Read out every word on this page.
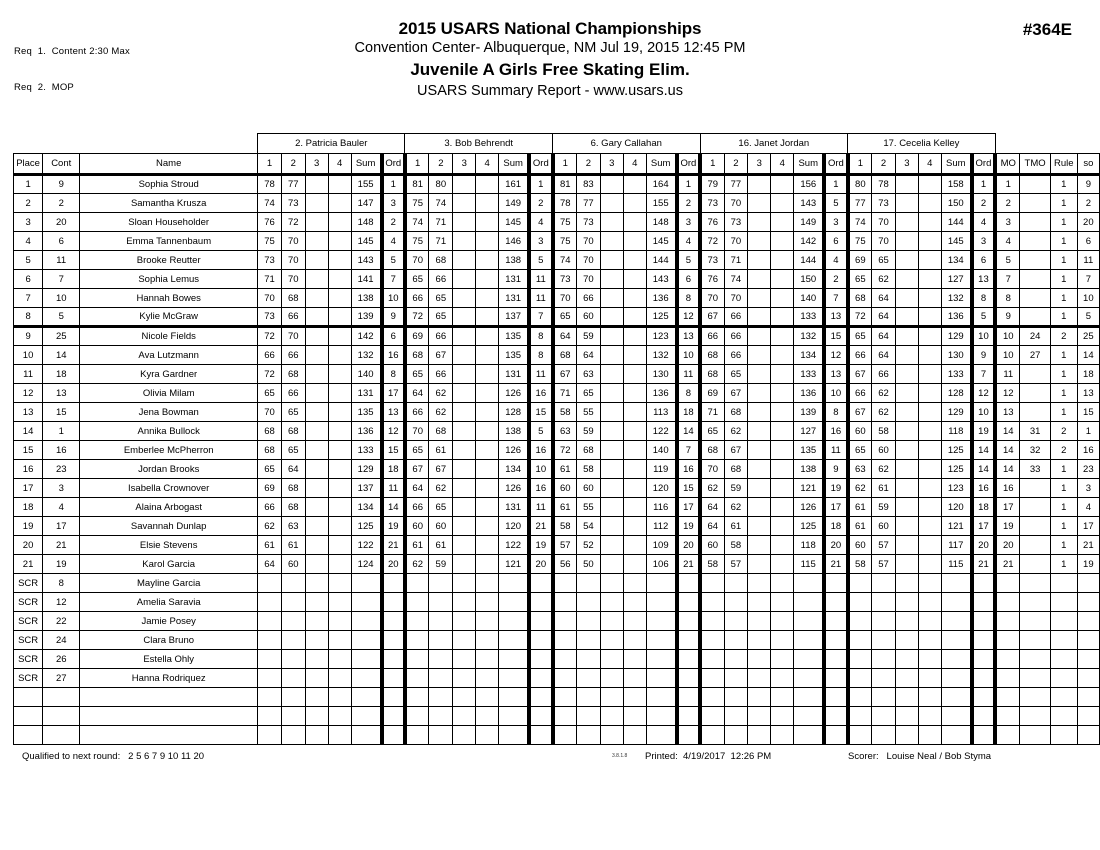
Req  1.  Content 2:30 Max

Req  2.  MOP

2015 USARS National Championships
Convention Center- Albuquerque, NM Jul 19, 2015 12:45 PM
Juvenile A Girls Free Skating Elim.
USARS Summary Report - www.usars.us
#364E
			2. Patricia Bauler						3. Bob Behrendt						6. Gary Callahan						16. Janet Jordan						17. Cecelia Kelley									
Place	Cont	Name	1	2	3	4	Sum	Ord	1	2	3	4	Sum	Ord	1	2	3	4	Sum	Ord	1	2	3	4	Sum	Ord	1	2	3	4	Sum	Ord	MO	TMO	Rule	so
1	9	Sophia Stroud	78	77			155	1	81	80			161	1	81	83			164	1	79	77			156	1	80	78			158	1	1		1	9
2	2	Samantha Krusza	74	73			147	3	75	74			149	2	78	77			155	2	73	70			143	5	77	73			150	2	2		1	2
3	20	Sloan Householder	76	72			148	2	74	71			145	4	75	73			148	3	76	73			149	3	74	70			144	4	3		1	20
4	6	Emma Tannenbaum	75	70			145	4	75	71			146	3	75	70			145	4	72	70			142	6	75	70			145	3	4		1	6
5	11	Brooke Reutter	73	70			143	5	70	68			138	5	74	70			144	5	73	71			144	4	69	65			134	6	5		1	11
6	7	Sophia Lemus	71	70			141	7	65	66			131	11	73	70			143	6	76	74			150	2	65	62			127	13	7		1	7
7	10	Hannah Bowes	70	68			138	10	66	65			131	11	70	66			136	8	70	70			140	7	68	64			132	8	8		1	10
8	5	Kylie McGraw	73	66			139	9	72	65			137	7	65	60			125	12	67	66			133	13	72	64			136	5	9		1	5
9	25	Nicole Fields	72	70			142	6	69	66			135	8	64	59			123	13	66	66			132	15	65	64			129	10	10	24	2	25
10	14	Ava Lutzmann	66	66			132	16	68	67			135	8	68	64			132	10	68	66			134	12	66	64			130	9	10	27	1	14
11	18	Kyra Gardner	72	68			140	8	65	66			131	11	67	63			130	11	68	65			133	13	67	66			133	7	11		1	18
12	13	Olivia Milam	65	66			131	17	64	62			126	16	71	65			136	8	69	67			136	10	66	62			128	12	12		1	13
13	15	Jena Bowman	70	65			135	13	66	62			128	15	58	55			113	18	71	68			139	8	67	62			129	10	13		1	15
14	1	Annika Bullock	68	68			136	12	70	68			138	5	63	59			122	14	65	62			127	16	60	58			118	19	14	31	2	1
15	16	Emberlee McPherron	68	65			133	15	65	61			126	16	72	68			140	7	68	67			135	11	65	60			125	14	14	32	2	16
16	23	Jordan Brooks	65	64			129	18	67	67			134	10	61	58			119	16	70	68			138	9	63	62			125	14	14	33	1	23
17	3	Isabella Crownover	69	68			137	11	64	62			126	16	60	60			120	15	62	59			121	19	62	61			123	16	16		1	3
18	4	Alaina Arbogast	66	68			134	14	66	65			131	11	61	55			116	17	64	62			126	17	61	59			120	18	17		1	4
19	17	Savannah Dunlap	62	63			125	19	60	60			120	21	58	54			112	19	64	61			125	18	61	60			121	17	19		1	17
20	21	Elsie Stevens	61	61			122	21	61	61			122	19	57	52			109	20	60	58			118	20	60	57			117	20	20		1	21
21	19	Karol Garcia	64	60			124	20	62	59			121	20	56	50			106	21	58	57			115	21	58	57			115	21	21		1	19
SCR	8	Mayline Garcia																																		
SCR	12	Amelia Saravia																																		
SCR	22	Jamie Posey																																		
SCR	24	Clara Bruno																																		
SCR	26	Estella Ohly																																		
SCR	27	Hanna Rodriquez																																		

Qualified to next round:   2 5 6 7 9 10 11 20	3.8.1.8 Printed:  4/19/2017  12:26 PM	Scorer:   Louise Neal / Bob Styma
